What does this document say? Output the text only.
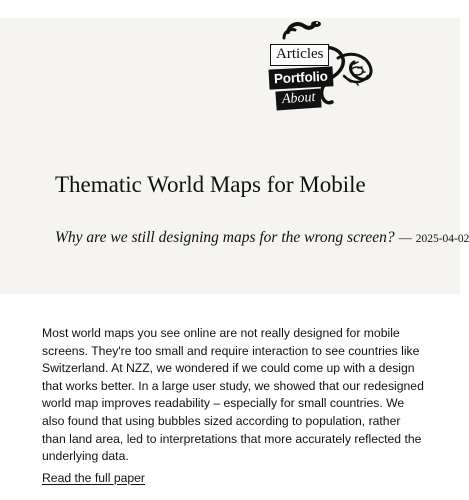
Articles
Portfolio
About
Thematic World Maps for Mobile
Why are we still designing maps for the wrong screen? — 2025-04-02

Most world maps you see online are not really designed for mobile screens. They're too small and require interaction to see countries like Switzerland. At NZZ, we wondered if we could come up with a design that works better. In a large user study, we showed that our redesigned world map improves readability – especially for small countries. We also found that using bubbles sized according to population, rather than land area, led to interpretations that more accurately reflected the underlying data.

Read the full paper
